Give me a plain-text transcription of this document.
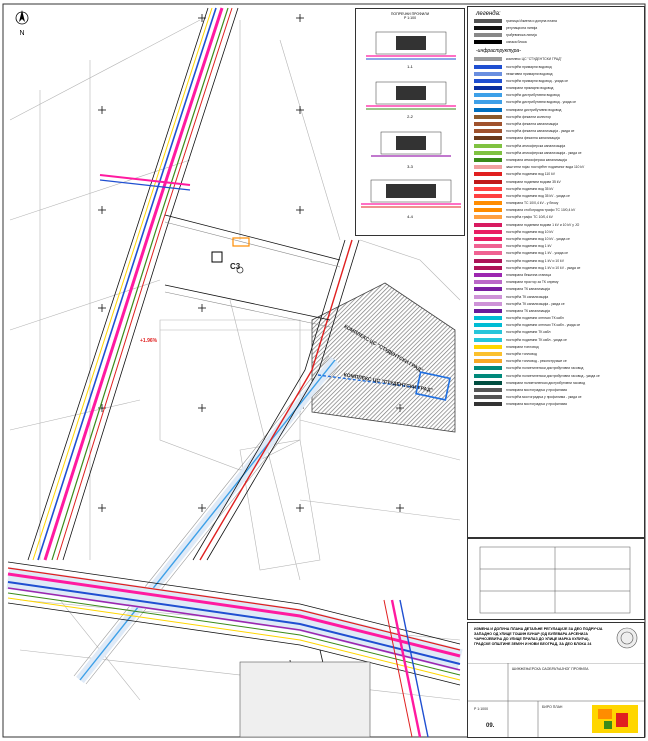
N
КОМПЛЕКС ЦС "СТУДЕНТСКИ ГРАД"
КОМПЛЕКС ЦС "СТУДЕНТСКИ ГРАД"
C3
+1.96%
ПОПРЕЧНИ ПРОФИЛИ
Р 1:100
1-1
2-2
3-3
4-4
легенда:
граница Измена и допуна плана
регулациона линија
грађевинска линија
ознака блока
-инфраструктура-
комплекс ЦС "СТУДЕНТСКИ ГРАД"
постојећи примарни водовод
неактивни примарни водовод
постојећи примарни водовод - укида се
планирани примарни водовод
постојећи дистрибутивни водовод
постојећи дистрибутивни водовод - укида се
планирани дистрибутивни водовод
постојећи фекални колектор
постојећа фекална канализација
постојећа фекална канализација - укида се
планирана фекална канализација
постојећа атмосферска канализација
постојећа атмосферска канализација - укида се
планирана атмосферска канализација
заштитни појас постојећег подземног вода 110 kV
постојећи подземни вод 110 kV
планирани подземни водови 35 kV
постојећи подземни вод 35 kV
постојећи подземни вод 35 kV - укида се
планирана ТС 10/0,4 kV - у блоку
планирана стобоградна трафо ТС 10/0,4 kV
постојећа трафо ТС 10/0,4 kV
планирани подземни водови 1 kV и 10 kV у ЈО
постојећи подземни вод 10 kV
постојећи подземни вод 10 kV - укида се
постојећи подземни вод 1 kV
постојећи подземни вод 1 kV - укида се
постојећи подземни вод 1 kV и 10 kV
постојећи подземни вод 1 kV и 10 kV - укида се
планирана бежична станица
планирани простор за ТК опрему
планирана ТК канализација
постојећа ТК канализација
постојећа ТК канализација - укида се
планирана ТК канализација
постојећи подземни оптички ТК кабл
постојећи подземни оптички ТК кабл - укида се
постојећи подземни ТК кабл
постојећи подземни ТК кабл - укида се
планирани топловод
постојећи топловод
постојећи топловод - реконструише се
постојећи полиетиленски дистрибутивни гасовод
постојећи полиетиленски дистрибутивни гасовод - укида се
планирани полиетиленски дистрибутивни гасовод
планирана мостоградња у профилима
постојећа мостоградња у профилима - укида се
планирана мостоградња у профилима
ИЗМЕНА И ДОПУНА ПЛАНА ДЕТАЉНЕ РЕГУЛАЦИЈЕ ЗА ДЕО ПОДРУЧЈА ЗАПАДНО ОД УЛИЦЕ ТОШИН БУНАР (ОД БУЛЕВАРА АРСЕНИЈА ЧАРНОЈЕВИЋА ДО УЛИЦЕ ПРИЛАЗ ДО УЛИЦЕ МАРКА КУЛИЋА), ГРАДСКЕ ОПШТИНЕ ЗЕМУН И НОВИ БЕОГРАД, ЗА ДЕО БЛОКА 24
ШИНЖЕЊЕРСКА САОБРАЋАЈНОГ ПРОФИЛА
Р 1:1000
09.
БИРО ПЛАН
